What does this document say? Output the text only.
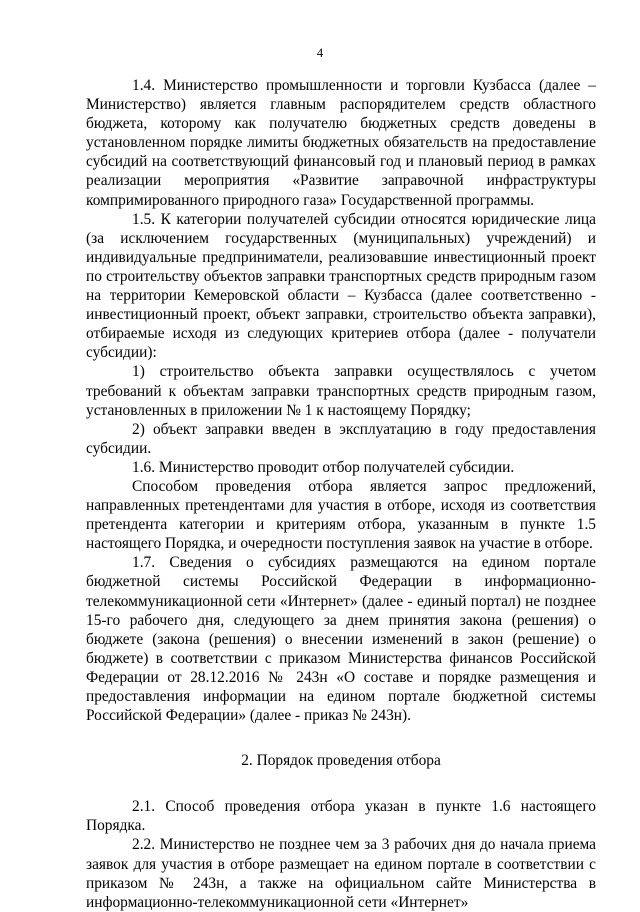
4

1.4. Министерство промышленности и торговли Кузбасса (далее – Министерство) является главным распорядителем средств областного бюджета, которому как получателю бюджетных средств доведены в установленном порядке лимиты бюджетных обязательств на предоставление субсидий на соответствующий финансовый год и плановый период в рамках реализации мероприятия «Развитие заправочной инфраструктуры компримированного природного газа» Государственной программы.

1.5. К категории получателей субсидии относятся юридические лица (за исключением государственных (муниципальных) учреждений) и индивидуальные предприниматели, реализовавшие инвестиционный проект по строительству объектов заправки транспортных средств природным газом на территории Кемеровской области – Кузбасса (далее соответственно - инвестиционный проект, объект заправки, строительство объекта заправки), отбираемые исходя из следующих критериев отбора (далее - получатели субсидии):

1) строительство объекта заправки осуществлялось с учетом требований к объектам заправки транспортных средств природным газом, установленных в приложении № 1 к настоящему Порядку;

2) объект заправки введен в эксплуатацию в году предоставления субсидии.

1.6. Министерство проводит отбор получателей субсидии.

Способом проведения отбора является запрос предложений, направленных претендентами для участия в отборе, исходя из соответствия претендента категории и критериям отбора, указанным в пункте 1.5 настоящего Порядка, и очередности поступления заявок на участие в отборе.

1.7. Сведения о субсидиях размещаются на едином портале бюджетной системы Российской Федерации в информационно-телекоммуникационной сети «Интернет» (далее - единый портал) не позднее 15-го рабочего дня, следующего за днем принятия закона (решения) о бюджете (закона (решения) о внесении изменений в закон (решение) о бюджете) в соответствии с приказом Министерства финансов Российской Федерации от 28.12.2016 № 243н «О составе и порядке размещения и предоставления информации на едином портале бюджетной системы Российской Федерации» (далее - приказ № 243н).

2. Порядок проведения отбора

2.1. Способ проведения отбора указан в пункте 1.6 настоящего Порядка.

2.2. Министерство не позднее чем за 3 рабочих дня до начала приема заявок для участия в отборе размещает на едином портале в соответствии с приказом № 243н, а также на официальном сайте Министерства в информационно-телекоммуникационной сети «Интернет»
